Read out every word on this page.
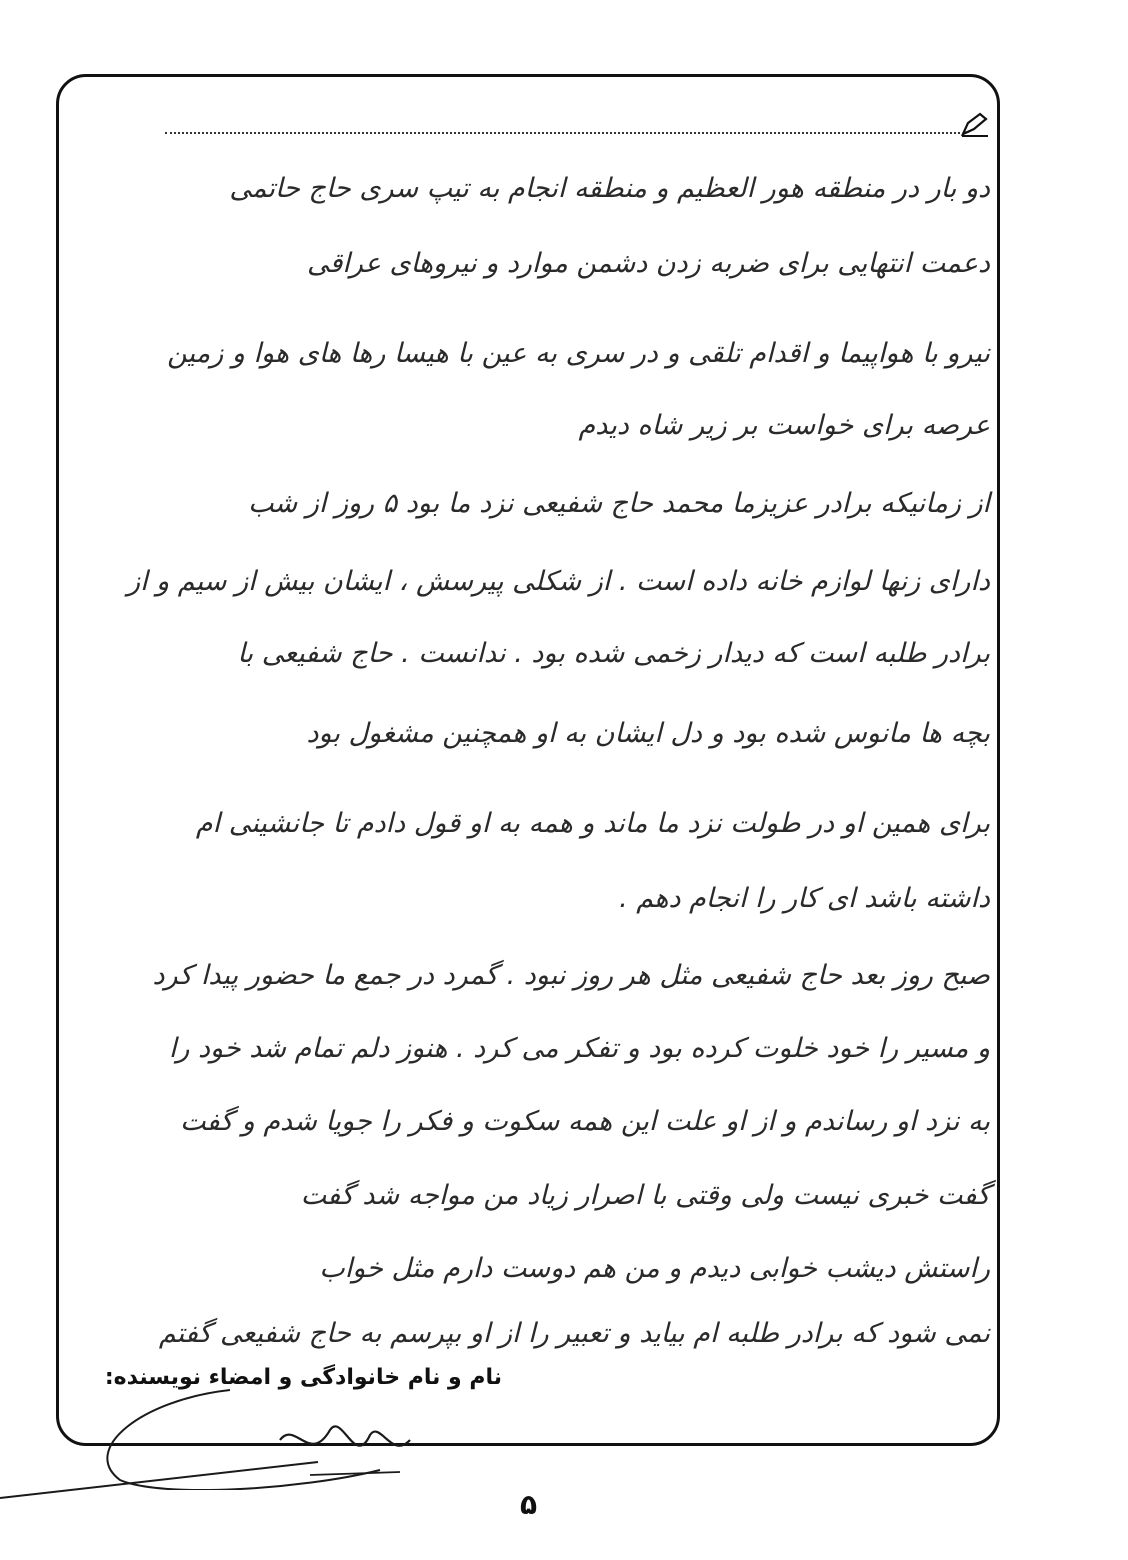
دو بار در منطقه هور العظیم و منطقه انجام به تیپ سری حاج حاتمی
دعمت انتهایی برای ضربه زدن دشمن موارد و نیروهای عراقی
نیرو با هواپیما و اقدام تلقی و در سری به عین با هیسا رها های هوا و زمین
عرصه برای خواست بر زیر شاه دیدم
از زمانیکه برادر عزیزما محمد حاج شفیعی نزد ما بود ۵ روز از شب
دارای زنها لوازم خانه داده است . از شکلی پیرسش ، ایشان بیش از سیم و از
برادر طلبه است که دیدار زخمی شده بود . ندانست . حاج شفیعی با
بچه ها مانوس شده بود و دل ایشان به او همچنین مشغول بود
برای همین او در طولت نزد ما ماند و همه به او قول دادم تا جانشینی ام
داشته باشد ای کار را انجام دهم .
صبح روز بعد حاج شفیعی مثل هر روز نبود . گمرد در جمع ما حضور پیدا کرد
و مسیر را خود خلوت کرده بود و تفکر می کرد . هنوز دلم تمام شد خود را
به نزد او رساندم و از او علت این همه سکوت و فکر را جویا شدم و گفت
گفت خبری نیست ولی وقتی با اصرار زیاد من مواجه شد گفت
راستش دیشب خوابی دیدم و من هم دوست دارم مثل خواب
نمی شود که برادر طلبه ام بیاید و تعبیر را از او بپرسم به حاج شفیعی گفتم
نام و نام خانوادگی و امضاء نویسنده:
۵
